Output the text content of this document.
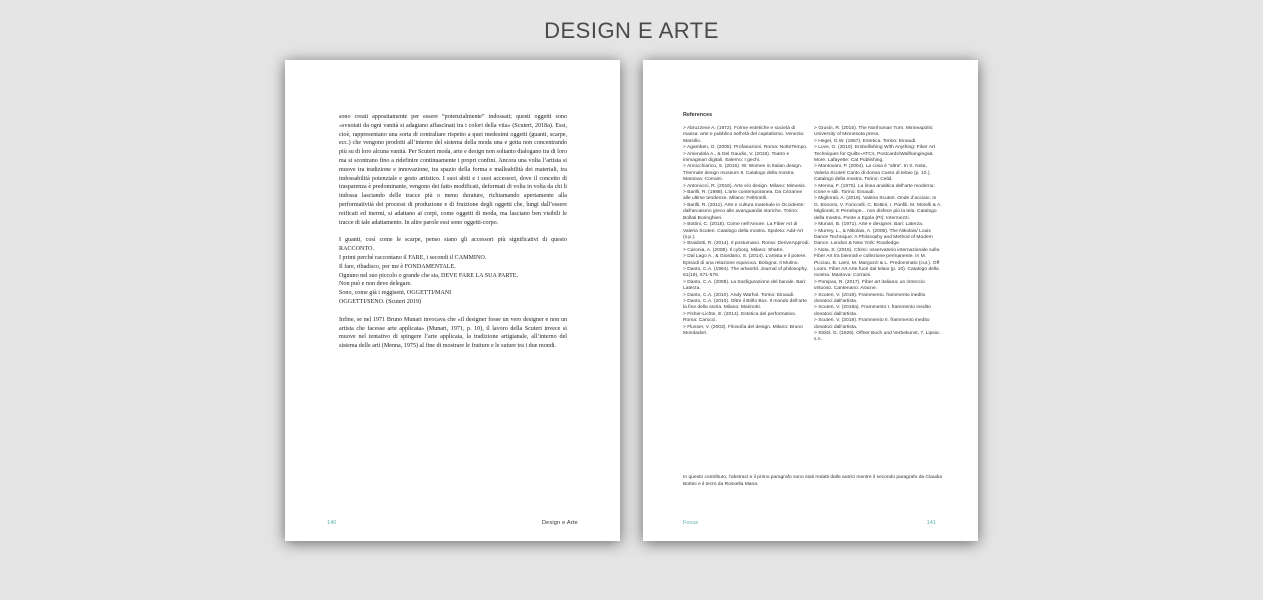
DESIGN E ARTE

sono creati appositamente per essere “potenzialmente” indossati; questi oggetti sono «svuotati da ogni vanità si adagiano affascinati tra i colori della vita» (Scuteri, 2018a). Essi, cioè, rappresentano una sorta di contraltare rispetto a quei medesimi oggetti (guanti, scarpe, ecc.) che vengono prodotti all’interno del sistema della moda una e getta non concentrando più su di loro alcuna vanità. Per Scuteri moda, arte e design non soltanto dialogano tra di loro ma si scontrano fino a ridefinire continuamente i propri confini. Ancora una volta l’artista si muove tra tradizione e innovazione, tra spazio della forma e malleabilità dei materiali, tra indossabilità potenziale e gesto artistico. I suoi abiti e i suoi accessori, dove il concetto di trasparenza è predominante, vengono dei fatto modificati, deformati di volta in volta da chi li indossa lasciando delle tracce più o meno durature, richiamando apertamente alla performatività dei processi di produzione e di fruizione degli oggetti che, lungi dall’essere reificati ed inermi, si adattano ai corpi, come oggetti di moda, ma lasciano ben visibili le tracce di tale adattamento. In altre parole essi sono oggetti-corpo.

I guanti, così come le scarpe, penso siano gli accessori più significativi di questo RACCONTO.
I primi perché raccontano il FARE, i secondi il CAMMINO.
Il fare, ribadisco, per me è FONDAMENTALE.
Ognuno nel suo piccolo o grande che sia, DEVE FARE LA SUA PARTE.
Non può e non deve delegare.
Sono, come già i reggiseni, OGGETTI/MANI
OGGETTI/SENO. (Scuteri 2019)

Infine, se nel 1971 Bruno Munari invocava che «il designer fosse un vero designer e non un artista che facesse arte applicata» (Munari, 1971, p. 10), il lavoro della Scuteri invece si muove nel tentativo di spingere l’arte applicata, la tradizione artigianale, all’interno del sistema delle arti (Menna, 1975) al fine di mostrare le fratture e le suture tra i due mondi.

140	Design e Arte
References
> Abruzzese A. (1972). Forme estetiche e società di massa: arte e pubblico nell’età del capitalismo. Venezia: Marsilio.
> Agamben, G. (2005). Profanazioni. Roma: NotteTempo.
> Amendola A., & Del Gaudio, V. (2018). Teatro e immaginari digitali. Salerno: I gechi.
> Annicchiarico, S. (2016). W. Women in Italian design. Triennale design museum 9. Catalogo della mostra. Mantova: Corraini.
> Antonucci, R. (2016). Arte e/o design. Milano: Mimesis.
> Barilli, R. (1988). L’arte contemporanea. Da Cézanne alle ultime tendenze. Milano: Feltrinelli.
> Barilli, R. (2011). Arte e cultura materiale in Occidente: dall’arcaismo greco alle avanguardie storiche. Torino: Bollati Boringhieri.
> Bottini, C. (2015). Come nell’Amore. La Fiber Art di Valeria Scuteri. Catalogo della mostra. Spoleto: Add-Art (s.p.).
> Braidotti, R. (2014). Il postumano. Roma: DeriveApprodi.
> Caronia, A. (2008). Il cyborg. Milano: ShaKe.
> Dal Lago A., & Giordano, S. (2014). L’artista e il potere. Episodi di una relazione equivoca. Bologna: Il Mulino.
> Danto, C.A. (1964). The artworld. Journal of philosophy, 61(19), 571-578.
> Danto, C.A. (2008). La trasfigurazione del banale. Bari: Laterza.
> Danto, C.A. (2010). Andy Warhol. Torino: Einaudi.
> Danto, C.A. (2010). Oltre il Brillo Box. Il mondo dell’arte la fine della storia. Milano: Marinotti.
> Fisher-Lichte, E. (2014). Estetica del performativo. Roma: Carocci.
> Flusser, V. (2003). Filosofia del design. Milano: Bruno Mondadori.
> Grusin, R. (2015). The Nonhuman Turn. Minneapolis: University of Minnesota press.
> Hegel, G.W. (1967). Estetica. Torino: Einaudi.
> Love, G. (2010). Embellishing With Anything: Fiber Art Techniques for Quilts~ATCs, Postcards\Wallhangings& More. Lafayette: Cat Publishing.
> Mantovani, P. (2004). La cosa è “altra”. In S. Nota, Valeria Scuteri Canto di donna Canto di telaio (p. 10.). Catalogo della mostra. Torino: Celid.
> Menna, F. (1975). La linea analitica dell’arte moderna: Icone e stili. Torino: Einaudi.
> Migliorati, A. (2016). Valeria Scuteri. Onde d’acciaio. In G. Bonomi, V. Foriccelli, C. Bottini, I. Panfili, M. Morelli & A. Migliorati, E Penelope... non disfece più la tela. Catalogo della mostra. Ponte a Egola (PI): Intermezzi.
> Munari, B. (1971). Arte e designer. Bari: Laterza.
> Murrey, L., & Nikolais, A. (2005). The Nikolais/ Louis Dance Technique: A Philosophy and Method of Modern Dance. London & New York: Routledge.
> Nota, S. (2015). Chimi: osservatorio internazionale sulla Fiber Art tra biennali e collezione permanente. In M. Picciau, B. Lami, M. Margozzi & L. Predominato (cur.). Off Loom, Fiber Art Arte fuori dal telaio (p. 10). Catalogo della mostra. Mantova: Corraini.
> Pompas, R. (2017). Fiber art italiana: un intreccio virtuoso. Cantenano: Aracne.
> Scuteri, V. (2018). Frammento. frammento inedito donatoci dall’artista.
> Scuteri, V. (2018a). Frammento I. frammento inedito donatoci dall’artista.
> Scuteri, V. (2019). Frammento II. frammento inedito donatoci dall’artista.
> Stölzl, G. (1926). Offner Buch und Verbekunst, 7. Lipsia: s.n.
In questo contributo, l’abstract e il primo paragrafo sono stati redatti dalle autrici mentre il secondo paragrafo da Claudia Bottini e il terzo da Rossella Mana.
Focus	141
